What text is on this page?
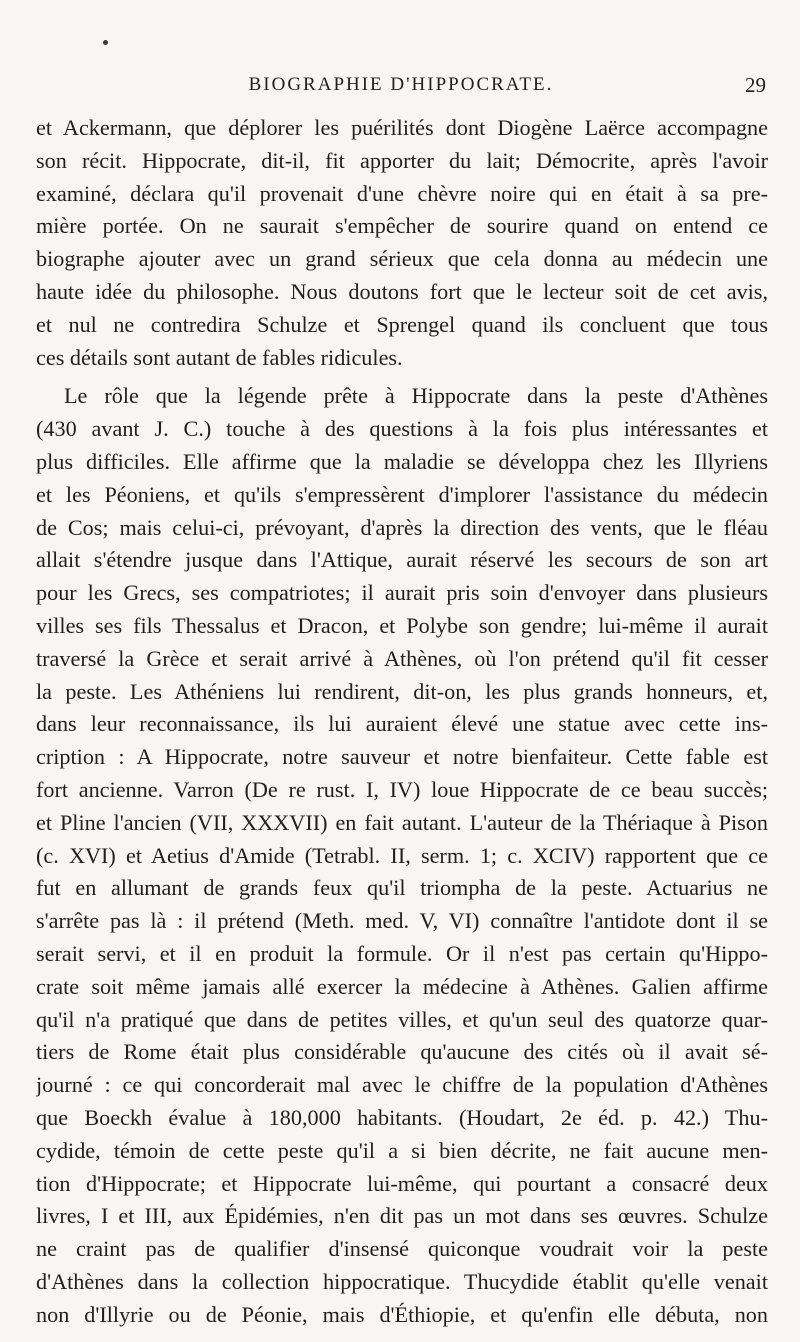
BIOGRAPHIE D'HIPPOCRATE.	29
et Ackermann, que déplorer les puérilités dont Diogène Laërce accompagne
son récit. Hippocrate, dit-il, fit apporter du lait; Démocrite, après l'avoir
examiné, déclara qu'il provenait d'une chèvre noire qui en était à sa pre-
mière portée. On ne saurait s'empêcher de sourire quand on entend ce
biographe ajouter avec un grand sérieux que cela donna au médecin une
haute idée du philosophe. Nous doutons fort que le lecteur soit de cet avis,
et nul ne contredira Schulze et Sprengel quand ils concluent que tous
ces détails sont autant de fables ridicules.
Le rôle que la légende prête à Hippocrate dans la peste d'Athènes
(430 avant J. C.) touche à des questions à la fois plus intéressantes et
plus difficiles. Elle affirme que la maladie se développa chez les Illyriens
et les Péoniens, et qu'ils s'empressèrent d'implorer l'assistance du médecin
de Cos; mais celui-ci, prévoyant, d'après la direction des vents, que le fléau
allait s'étendre jusque dans l'Attique, aurait réservé les secours de son art
pour les Grecs, ses compatriotes; il aurait pris soin d'envoyer dans plusieurs
villes ses fils Thessalus et Dracon, et Polybe son gendre; lui-même il aurait
traversé la Grèce et serait arrivé à Athènes, où l'on prétend qu'il fit cesser
la peste. Les Athéniens lui rendirent, dit-on, les plus grands honneurs, et,
dans leur reconnaissance, ils lui auraient élevé une statue avec cette ins-
cription : A Hippocrate, notre sauveur et notre bienfaiteur. Cette fable est
fort ancienne. Varron (De re rust. I, IV) loue Hippocrate de ce beau succès;
et Pline l'ancien (VII, XXXVII) en fait autant. L'auteur de la Thériaque à Pison
(c. XVI) et Aetius d'Amide (Tetrabl. II, serm. 1; c. XCIV) rapportent que ce
fut en allumant de grands feux qu'il triompha de la peste. Actuarius ne
s'arrête pas là : il prétend (Meth. med. V, VI) connaître l'antidote dont il se
serait servi, et il en produit la formule. Or il n'est pas certain qu'Hippo-
crate soit même jamais allé exercer la médecine à Athènes. Galien affirme
qu'il n'a pratiqué que dans de petites villes, et qu'un seul des quatorze quar-
tiers de Rome était plus considérable qu'aucune des cités où il avait sé-
journé : ce qui concorderait mal avec le chiffre de la population d'Athènes
que Boeckh évalue à 180,000 habitants. (Houdart, 2e éd. p. 42.) Thu-
cydide, témoin de cette peste qu'il a si bien décrite, ne fait aucune men-
tion d'Hippocrate; et Hippocrate lui-même, qui pourtant a consacré deux
livres, I et III, aux Épidémies, n'en dit pas un mot dans ses œuvres. Schulze
ne craint pas de qualifier d'insensé quiconque voudrait voir la peste
d'Athènes dans la collection hippocratique. Thucydide établit qu'elle venait
non d'Illyrie ou de Péonie, mais d'Éthiopie, et qu'enfin elle débuta, non
